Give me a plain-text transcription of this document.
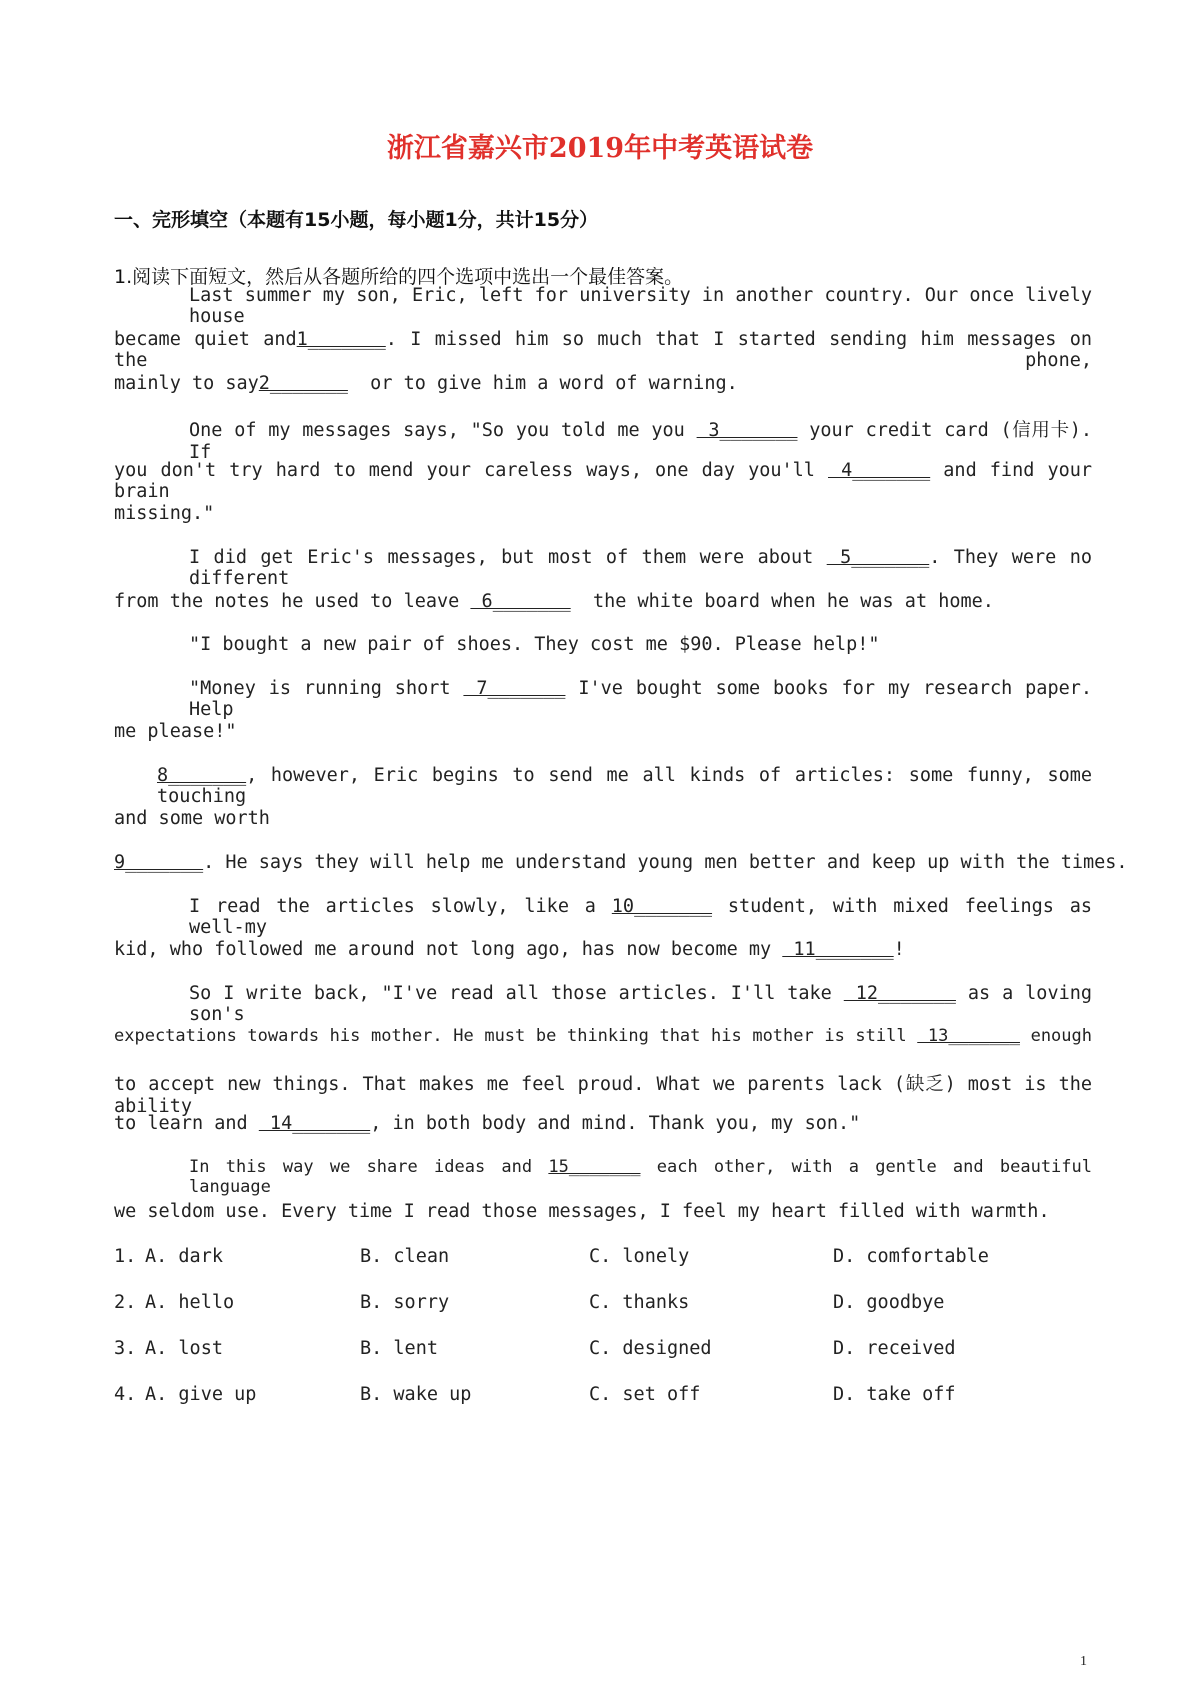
浙江省嘉兴市2019年中考英语试卷
一、完形填空（本题有15小题，每小题1分，共计15分）
1.阅读下面短文，然后从各题所给的四个选项中选出一个最佳答案。
Last summer my son, Eric, left for university in another country. Our once lively house
became quiet and1_______. I missed him so much that I started sending him messages on the phone,
mainly to say2_______  or to give him a word of warning.
One of my messages says, "So you told me you  3_______ your credit card (信用卡). If
you don't try hard to mend your careless ways, one day you'll  4_______ and find your brain
missing."
I did get Eric's messages, but most of them were about  5_______. They were no different
from the notes he used to leave  6_______  the white board when he was at home.
"I bought a new pair of shoes. They cost me $90. Please help!"
"Money is running short  7_______ I've bought some books for my research paper. Help
me please!"
8_______, however, Eric begins to send me all kinds of articles: some funny, some touching
and some worth
9_______. He says they will help me understand young men better and keep up with the times.
I read the articles slowly, like a 10_______ student, with mixed feelings as well-my
kid, who followed me around not long ago, has now become my  11_______!
So I write back, "I've read all those articles. I'll take  12_______ as a loving son's
expectations towards his mother. He must be thinking that his mother is still  13_______ enough
to accept new things. That makes me feel proud. What we parents lack (缺乏) most is the ability
to learn and  14_______, in both body and mind. Thank you, my son."
In this way we share ideas and 15_______ each other, with a gentle and beautiful language
we seldom use. Every time I read those messages, I feel my heart filled with warmth.
1. A. dark	B. clean	C. lonely	D. comfortable
2. A. hello	B. sorry	C. thanks	D. goodbye
3. A. lost	B. lent	C. designed	D. received
4. A. give up	B. wake up	C. set off	D. take off
1
